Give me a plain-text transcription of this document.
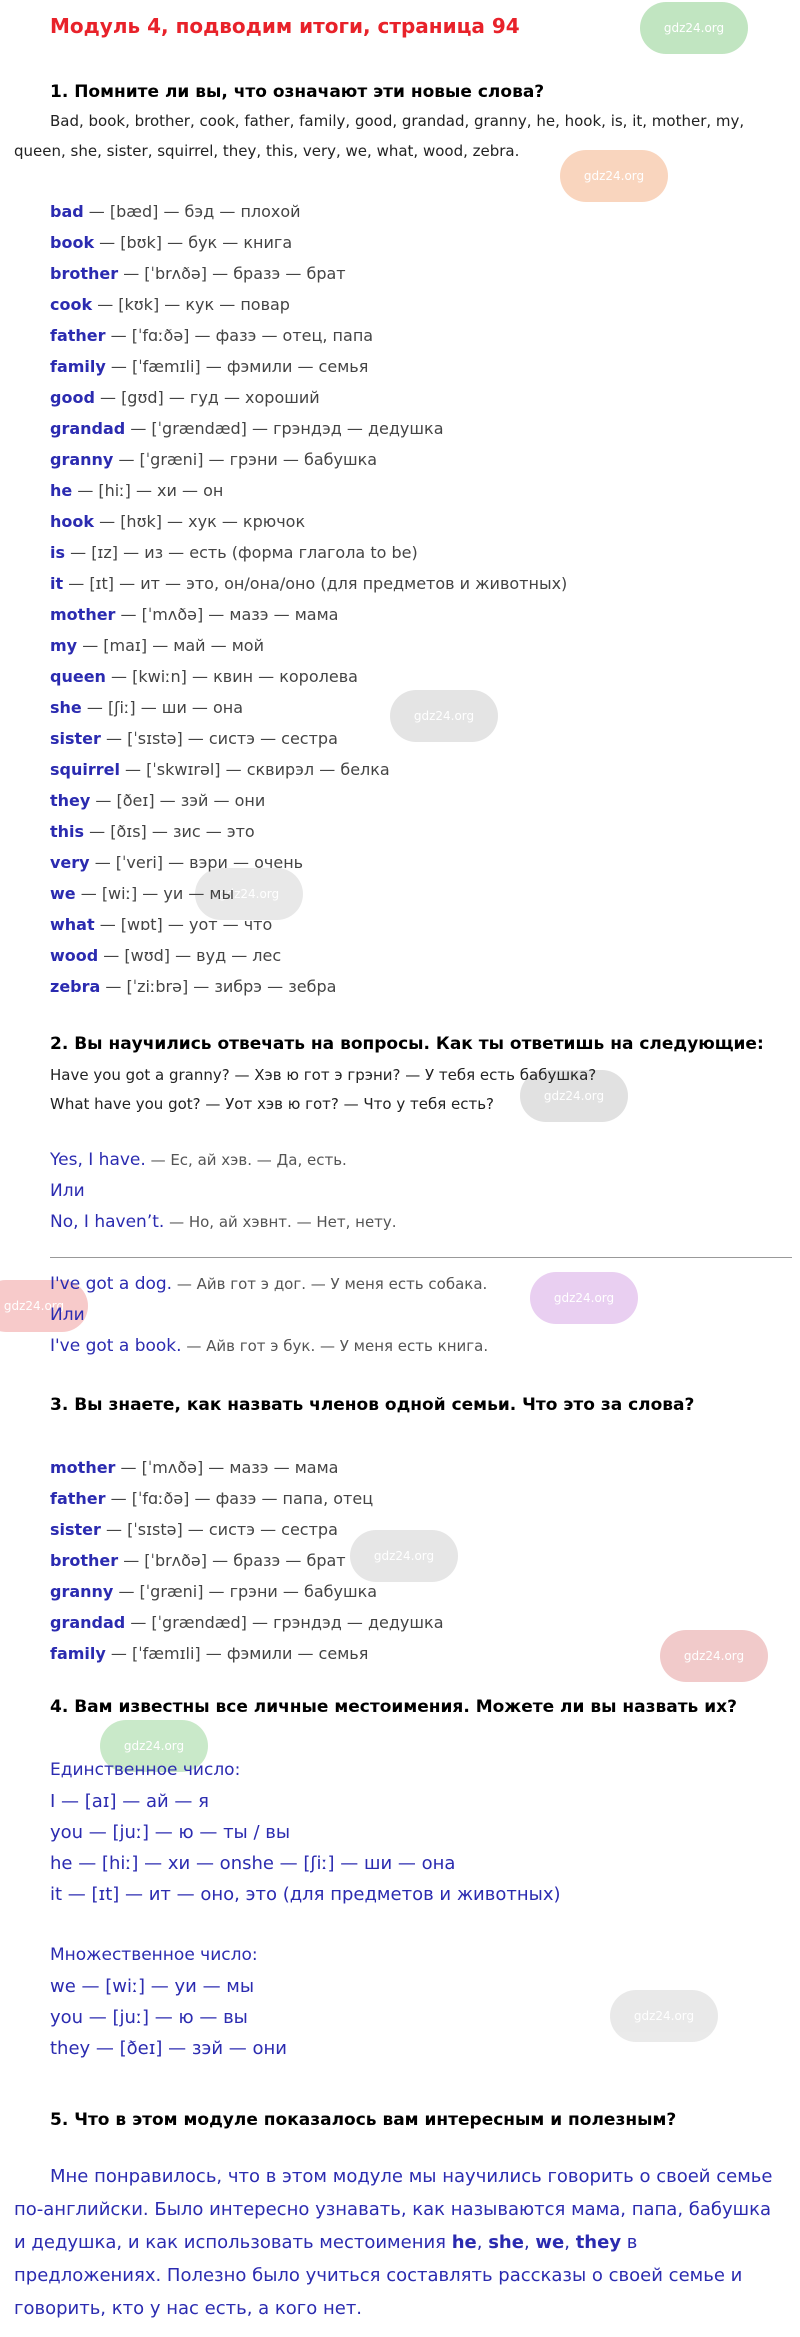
Модуль 4, подводим итоги, страница 94	gdz24.org
gdz24.org
gdz24.org
gdz24.org
gdz24.org
gdz24.org
gdz24.org
gdz24.org
gdz24.org
gdz24.org
gdz24.org

1. Помните ли вы, что означают эти новые слова?

Bad, book, brother, cook, father, family, good, grandad, granny, he, hook, is, it, mother, my, queen, she, sister, squirrel, they, this, very, we, what, wood, zebra.

bad — [bæd] — бэд — плохой
book — [bʊk] — бук — книга
brother — [ˈbrʌðə] — бразэ — брат
cook — [kʊk] — кук — повар
father — [ˈfɑːðə] — фазэ — отец, папа
family — [ˈfæmɪli] — фэмили — семья
good — [gʊd] — гуд — хороший
grandad — [ˈgrændæd] — грэндэд — дедушка
granny — [ˈgræni] — грэни — бабушка
he — [hiː] — хи — он
hook — [hʊk] — хук — крючок
is — [ɪz] — из — есть (форма глагола to be)
it — [ɪt] — ит — это, он/она/оно (для предметов и животных)
mother — [ˈmʌðə] — мазэ — мама
my — [maɪ] — май — мой
queen — [kwiːn] — квин — королева
she — [ʃiː] — ши — она
sister — [ˈsɪstə] — систэ — сестра
squirrel — [ˈskwɪrəl] — сквирэл — белка
they — [ðeɪ] — зэй — они
this — [ðɪs] — зис — это
very — [ˈveri] — вэри — очень
we — [wiː] — уи — мы
what — [wɒt] — уот — что
wood — [wʊd] — вуд — лес
zebra — [ˈziːbrə] — зибрэ — зебра

2. Вы научились отвечать на вопросы. Как ты ответишь на следующие:

Have you got a granny? — Хэв ю гот э грэни? — У тебя есть бабушка?
What have you got? — Уот хэв ю гот? — Что у тебя есть?
Yes, I have. — Ес, ай хэв. — Да, есть.
Или
No, I haven’t. — Но, ай хэвнт. — Нет, нету.
I've got a dog. — Айв гот э дог. — У меня есть собака.
Или
I've got a book. — Айв гот э бук. — У меня есть книга.

3. Вы знаете, как назвать членов одной семьи. Что это за слова?

mother — [ˈmʌðə] — мазэ — мама
father — [ˈfɑːðə] — фазэ — папа, отец
sister — [ˈsɪstə] — систэ — сестра
brother — [ˈbrʌðə] — бразэ — брат
granny — [ˈgræni] — грэни — бабушка
grandad — [ˈgrændæd] — грэндэд — дедушка
family — [ˈfæmɪli] — фэмили — семья

4. Вам известны все личные местоимения. Можете ли вы назвать их?

Единственное число:
I — [aɪ] — ай — я
you — [juː] — ю — ты / вы
he — [hiː] — хи — onshe — [ʃiː] — ши — она
it — [ɪt] — ит — оно, это (для предметов и животных)
Множественное число:
we — [wiː] — уи — мы
you — [juː] — ю — вы
they — [ðeɪ] — зэй — они

5. Что в этом модуле показалось вам интересным и полезным?

Мне понравилось, что в этом модуле мы научились говорить о своей семье по-английски. Было интересно узнавать, как называются мама, папа, бабушка и дедушка, и как использовать местоимения he, she, we, they в предложениях. Полезно было учиться составлять рассказы о своей семье и говорить, кто у нас есть, а кого нет.
